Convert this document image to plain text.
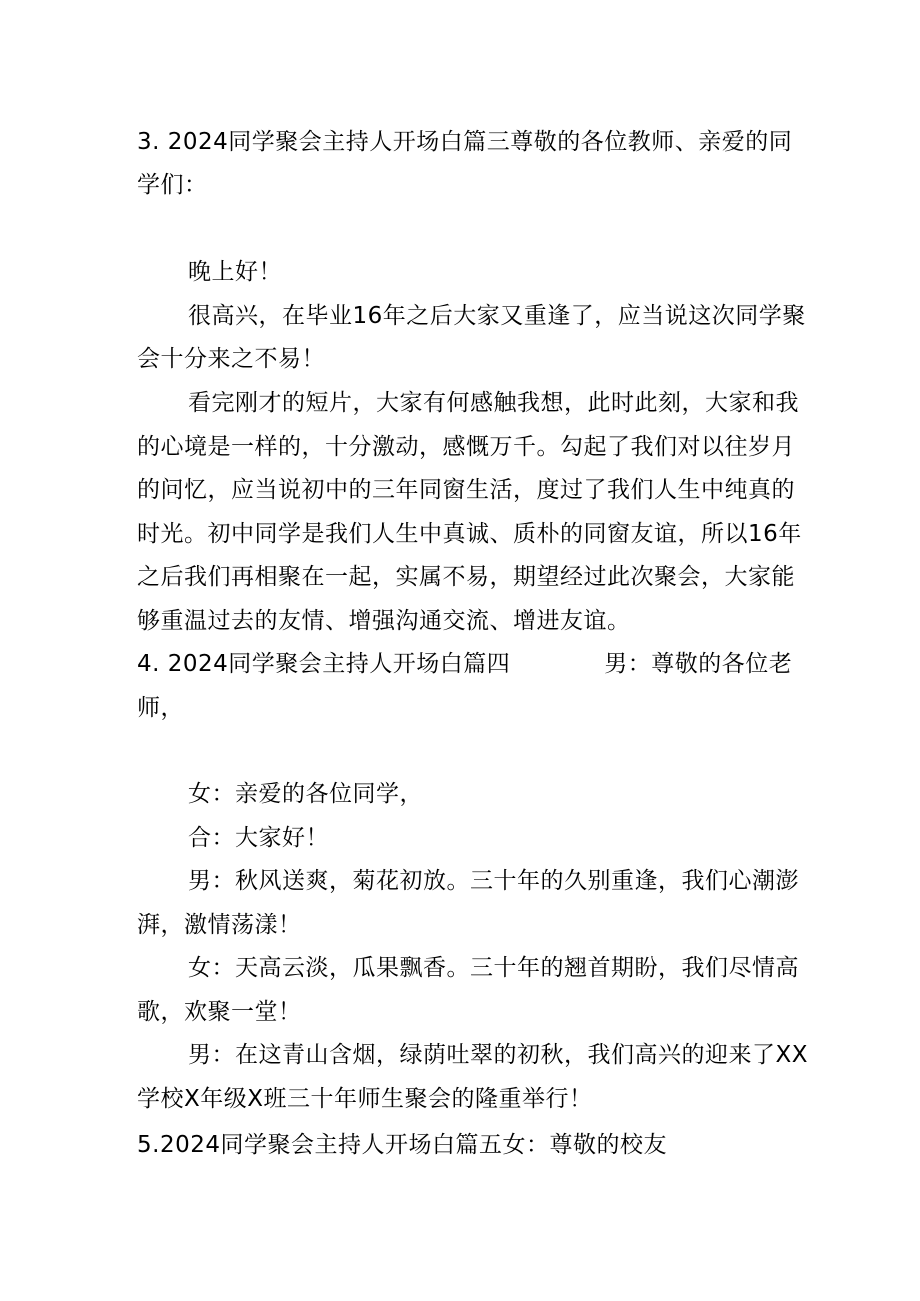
3. 2024同学聚会主持人开场白篇三尊敬的各位教师、亲爱的同
学们：
晚上好！
很高兴，在毕业16年之后大家又重逢了，应当说这次同学聚
会十分来之不易！
看完刚才的短片，大家有何感触我想，此时此刻，大家和我
的心境是一样的，十分激动，感慨万千。勾起了我们对以往岁月
的问忆，应当说初中的三年同窗生活，度过了我们人生中纯真的
时光。初中同学是我们人生中真诚、质朴的同窗友谊，所以16年
之后我们再相聚在一起，实属不易，期望经过此次聚会，大家能
够重温过去的友情、增强沟通交流、增进友谊。
4. 2024同学聚会主持人开场白篇四　　　　男：尊敬的各位老
师，
女：亲爱的各位同学，
合：大家好！
男：秋风送爽，菊花初放。三十年的久别重逢，我们心潮澎
湃，激情荡漾！
女：天高云淡，瓜果飘香。三十年的翘首期盼，我们尽情高
歌，欢聚一堂！
男：在这青山含烟，绿荫吐翠的初秋，我们高兴的迎来了XX
学校X年级X班三十年师生聚会的隆重举行！
5.2024同学聚会主持人开场白篇五女：尊敬的校友
